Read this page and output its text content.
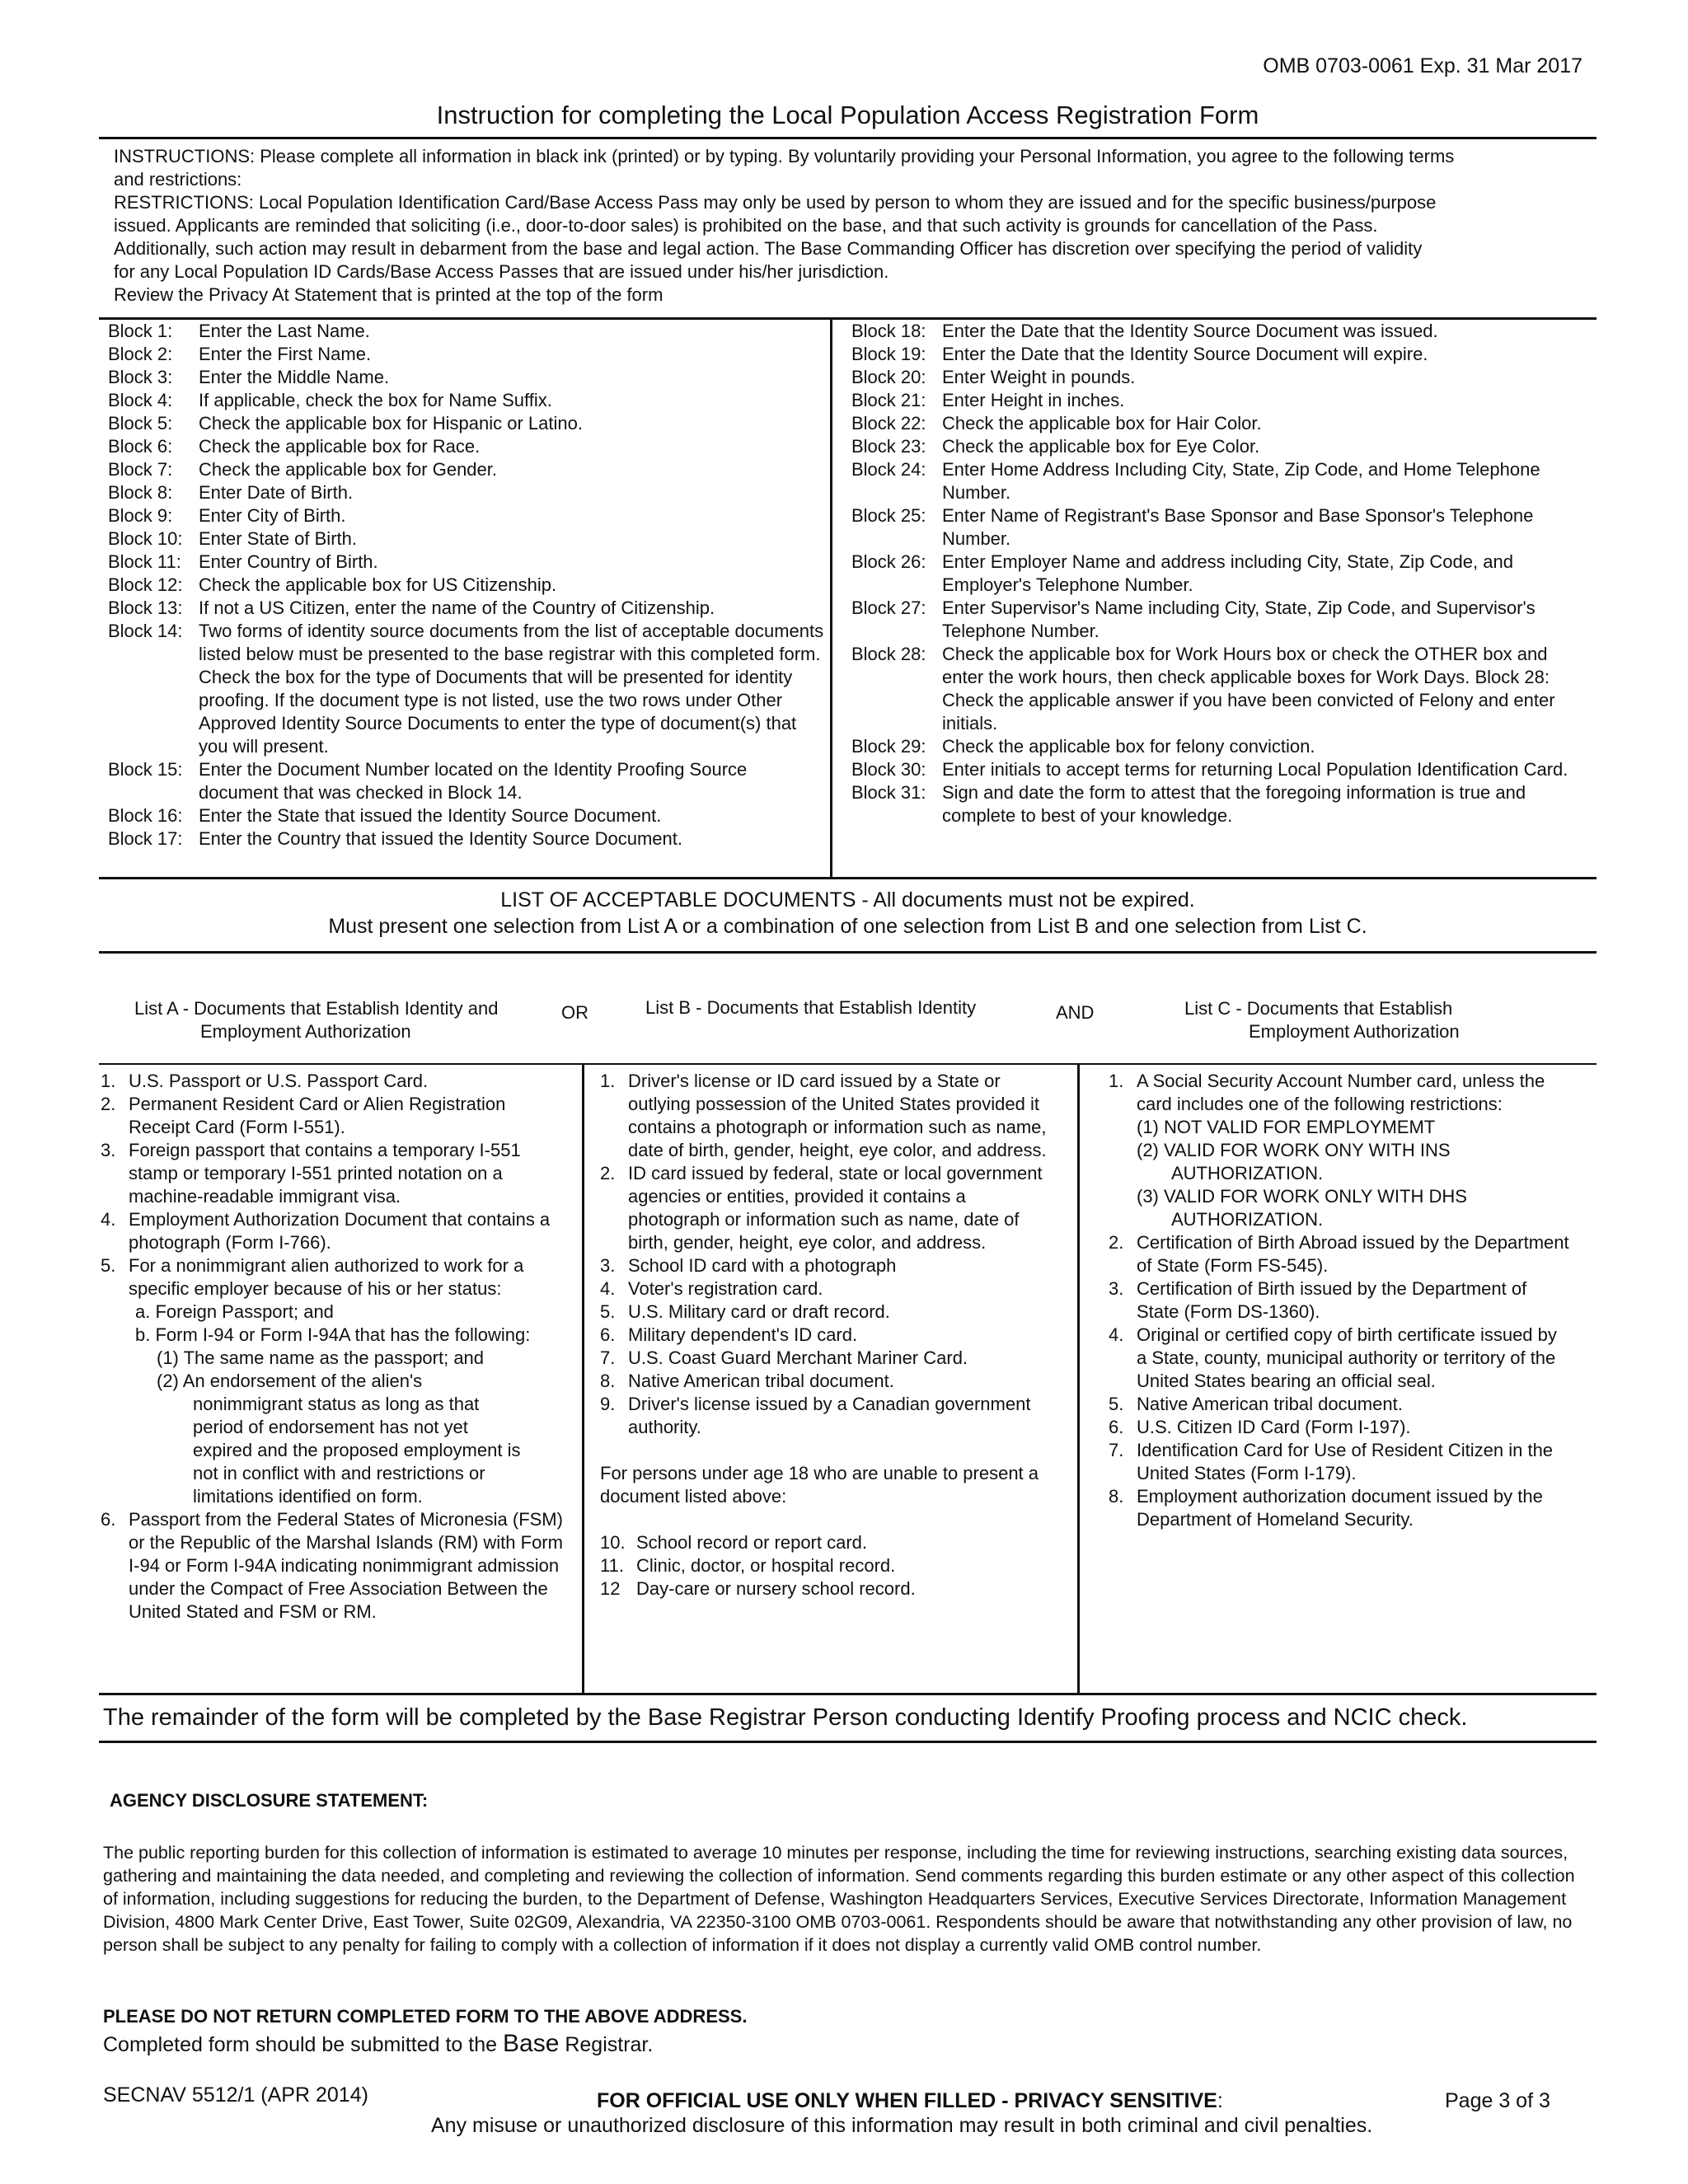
OMB 0703-0061 Exp. 31 Mar 2017
Instruction for completing the Local Population Access Registration Form
INSTRUCTIONS: Please complete all information in black ink (printed) or by typing. By voluntarily providing your Personal Information, you agree to the following terms
and restrictions:
RESTRICTIONS: Local Population Identification Card/Base Access Pass may only be used by person to whom they are issued and for the specific business/purpose
issued. Applicants are reminded that soliciting (i.e., door-to-door sales) is prohibited on the base, and that such activity is grounds for cancellation of the Pass.
Additionally, such action may result in debarment from the base and legal action. The Base Commanding Officer has discretion over specifying the period of validity
for any Local Population ID Cards/Base Access Passes that are issued under his/her jurisdiction.
Review the Privacy At Statement that is printed at the top of the form
Block 1:	Enter the Last Name.
Block 2:	Enter the First Name.
Block 3:	Enter the Middle Name.
Block 4:	If applicable, check the box for Name Suffix.
Block 5:	Check the applicable box for Hispanic or Latino.
Block 6:	Check the applicable box for Race.
Block 7:	Check the applicable box for Gender.
Block 8:	Enter Date of Birth.
Block 9:	Enter City of Birth.
Block 10: Enter State of Birth.
Block 11: Enter Country of Birth.
Block 12: Check the applicable box for US Citizenship.
Block 13: If not a US Citizen, enter the name of the Country of Citizenship.
Block 14: Two forms of identity source documents from the list of acceptable documents listed below must be presented to the base registrar with this completed form. Check the box for the type of Documents that will be presented for identity proofing. If the document type is not listed, use the two rows under Other Approved Identity Source Documents to enter the type of document(s) that you will present.
Block 15: Enter the Document Number located on the Identity Proofing Source document that was checked in Block 14.
Block 16: Enter the State that issued the Identity Source Document.
Block 17: Enter the Country that issued the Identity Source Document.
Block 18: Enter the Date that the Identity Source Document was issued.
Block 19: Enter the Date that the Identity Source Document will expire.
Block 20: Enter Weight in pounds.
Block 21: Enter Height in inches.
Block 22: Check the applicable box for Hair Color.
Block 23: Check the applicable box for Eye Color.
Block 24: Enter Home Address Including City, State, Zip Code, and Home Telephone Number.
Block 25: Enter Name of Registrant's Base Sponsor and Base Sponsor's Telephone Number.
Block 26: Enter Employer Name and address including City, State, Zip Code, and Employer's Telephone Number.
Block 27: Enter Supervisor's Name including City, State, Zip Code, and Supervisor's Telephone Number.
Block 28: Check the applicable box for Work Hours box or check the OTHER box and enter the work hours, then check applicable boxes for Work Days. Block 28: Check the applicable answer if you have been convicted of Felony and enter initials.
Block 29: Check the applicable box for felony conviction.
Block 30: Enter initials to accept terms for returning Local Population Identification Card.
Block 31: Sign and date the form to attest that the foregoing information is true and complete to best of your knowledge.
LIST OF ACCEPTABLE DOCUMENTS - All documents must not be expired.
Must present one selection from List A or a combination of one selection from List B and one selection from List C.
List A - Documents that Establish Identity and
Employment Authorization
OR	List B - Documents that Establish Identity	AND	List C - Documents that Establish
Employment Authorization
1. U.S. Passport or U.S. Passport Card.
2. Permanent Resident Card or Alien Registration Receipt Card (Form I-551).
3. Foreign passport that contains a temporary I-551 stamp or temporary I-551 printed notation on a machine-readable immigrant visa.
4. Employment Authorization Document that contains a photograph (Form I-766).
5. For a nonimmigrant alien authorized to work for a specific employer because of his or her status:
a. Foreign Passport; and
b. Form I-94 or Form I-94A that has the following:
(1) The same name as the passport; and
(2) An endorsement of the alien's nonimmigrant status as long as that period of endorsement has not yet expired and the proposed employment is not in conflict with and restrictions or limitations identified on form.
6. Passport from the Federal States of Micronesia (FSM) or the Republic of the Marshal Islands (RM) with Form I-94 or Form I-94A indicating nonimmigrant admission under the Compact of Free Association Between the United Stated and FSM or RM.
1. Driver's license or ID card issued by a State or outlying possession of the United States provided it contains a photograph or information such as name, date of birth, gender, height, eye color, and address.
2. ID card issued by federal, state or local government agencies or entities, provided it contains a photograph or information such as name, date of birth, gender, height, eye color, and address.
3. School ID card with a photograph
4. Voter's registration card.
5. U.S. Military card or draft record.
6. Military dependent's ID card.
7. U.S. Coast Guard Merchant Mariner Card.
8. Native American tribal document.
9. Driver's license issued by a Canadian government authority.
For persons under age 18 who are unable to present a document listed above:
10. School record or report card.
11. Clinic, doctor, or hospital record.
12 Day-care or nursery school record.
1. A Social Security Account Number card, unless the card includes one of the following restrictions:
(1) NOT VALID FOR EMPLOYMEMT
(2) VALID FOR WORK ONY WITH INS AUTHORIZATION.
(3) VALID FOR WORK ONLY WITH DHS AUTHORIZATION.
2. Certification of Birth Abroad issued by the Department of State (Form FS-545).
3. Certification of Birth issued by the Department of State (Form DS-1360).
4. Original or certified copy of birth certificate issued by a State, county, municipal authority or territory of the United States bearing an official seal.
5. Native American tribal document.
6. U.S. Citizen ID Card (Form I-197).
7. Identification Card for Use of Resident Citizen in the United States (Form I-179).
8. Employment authorization document issued by the Department of Homeland Security.
The remainder of the form will be completed by the Base Registrar Person conducting Identify Proofing process and NCIC check.
AGENCY DISCLOSURE STATEMENT:
The public reporting burden for this collection of information is estimated to average 10 minutes per response, including the time for reviewing instructions, searching existing data sources, gathering and maintaining the data needed, and completing and reviewing the collection of information. Send comments regarding this burden estimate or any other aspect of this collection of information, including suggestions for reducing the burden, to the Department of Defense, Washington Headquarters Services, Executive Services Directorate, Information Management Division, 4800 Mark Center Drive, East Tower, Suite 02G09, Alexandria, VA 22350-3100 OMB 0703-0061. Respondents should be aware that notwithstanding any other provision of law, no person shall be subject to any penalty for failing to comply with a collection of information if it does not display a currently valid OMB control number.
PLEASE DO NOT RETURN COMPLETED FORM TO THE ABOVE ADDRESS.
Completed form should be submitted to the Base Registrar.
SECNAV 5512/1 (APR 2014)	FOR OFFICIAL USE ONLY WHEN FILLED - PRIVACY SENSITIVE:	Page 3 of 3
Any misuse or unauthorized disclosure of this information may result in both criminal and civil penalties.
